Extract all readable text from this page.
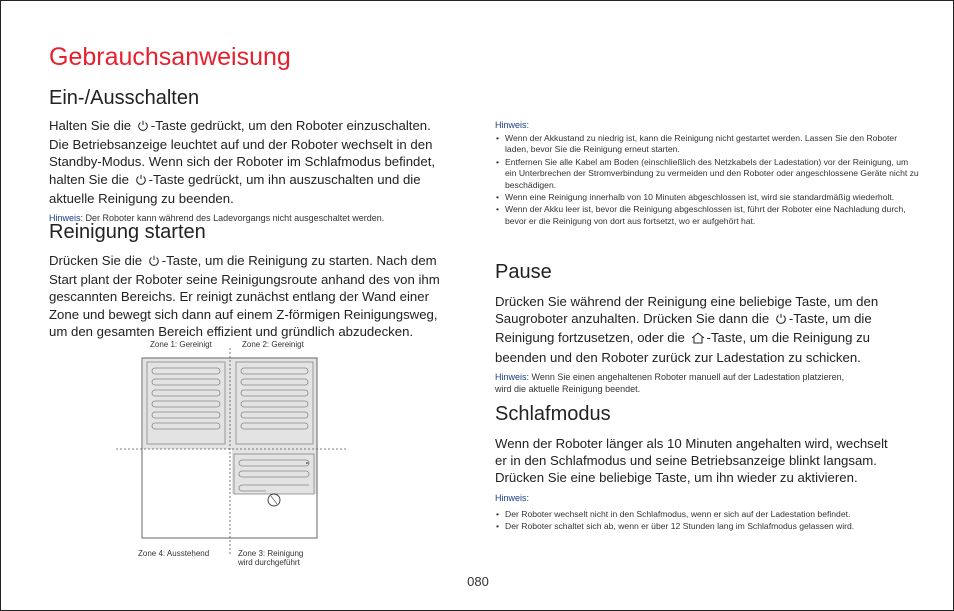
Gebrauchsanweisung
Ein-/Ausschalten

Halten Sie die -Taste gedrückt, um den Roboter einzuschalten.
Die Betriebsanzeige leuchtet auf und der Roboter wechselt in den
Standby-Modus. Wenn sich der Roboter im Schlafmodus befindet,
halten Sie die -Taste gedrückt, um ihn auszuschalten und die
aktuelle Reinigung zu beenden.

Hinweis: Der Roboter kann während des Ladevorgangs nicht ausgeschaltet werden.

Reinigung starten

Drücken Sie die -Taste, um die Reinigung zu starten. Nach dem
Start plant der Roboter seine Reinigungsroute anhand des von ihm
gescannten Bereichs. Er reinigt zunächst entlang der Wand einer
Zone und bewegt sich dann auf einem Z-förmigen Reinigungsweg,
um den gesamten Bereich effizient und gründlich abzudecken.

Zone 1: Gereinigt	Zone 2: Gereinigt
Zone 4: Ausstehend	Zone 3: Reinigung
wird durchgeführt
Hinweis:
• Wenn der Akkustand zu niedrig ist, kann die Reinigung nicht gestartet werden. Lassen Sie den Roboter laden, bevor Sie die Reinigung erneut starten.
• Entfernen Sie alle Kabel am Boden (einschließlich des Netzkabels der Ladestation) vor der Reinigung, um ein Unterbrechen der Stromverbindung zu vermeiden und den Roboter oder angeschlossene Geräte nicht zu beschädigen.
• Wenn eine Reinigung innerhalb von 10 Minuten abgeschlossen ist, wird sie standardmäßig wiederholt.
• Wenn der Akku leer ist, bevor die Reinigung abgeschlossen ist, führt der Roboter eine Nachladung durch, bevor er die Reinigung von dort aus fortsetzt, wo er aufgehört hat.
Pause

Drücken Sie während der Reinigung eine beliebige Taste, um den
Saugroboter anzuhalten. Drücken Sie dann die -Taste, um die
Reinigung fortzusetzen, oder die -Taste, um die Reinigung zu
beenden und den Roboter zurück zur Ladestation zu schicken.

Hinweis: Wenn Sie einen angehaltenen Roboter manuell auf der Ladestation platzieren,
wird die aktuelle Reinigung beendet.

Schlafmodus

Wenn der Roboter länger als 10 Minuten angehalten wird, wechselt
er in den Schlafmodus und seine Betriebsanzeige blinkt langsam.
Drücken Sie eine beliebige Taste, um ihn wieder zu aktivieren.

Hinweis:
• Der Roboter wechselt nicht in den Schlafmodus, wenn er sich auf der Ladestation befindet.
• Der Roboter schaltet sich ab, wenn er über 12 Stunden lang im Schlafmodus gelassen wird.
080
